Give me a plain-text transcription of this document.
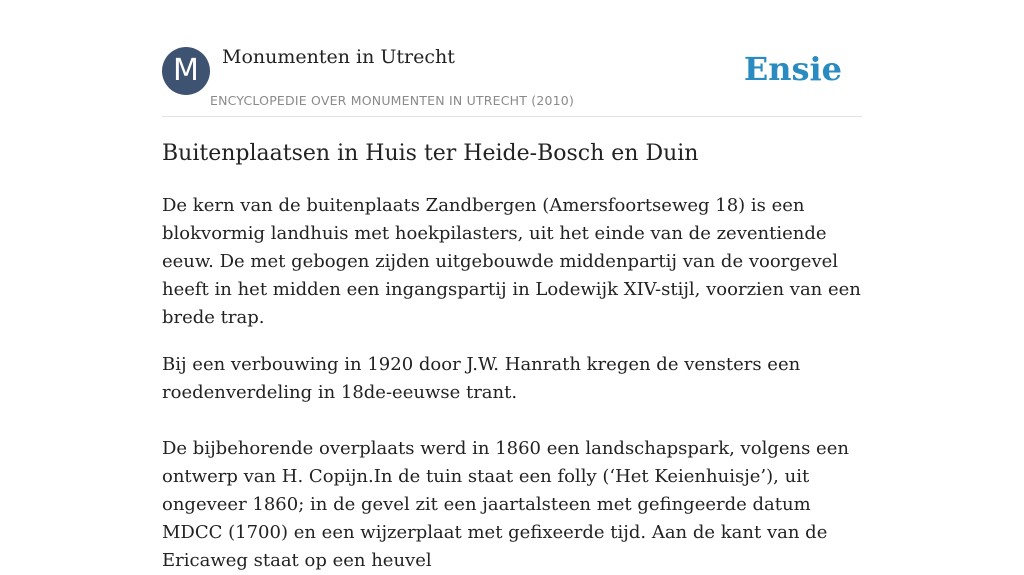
M	Monumenten in Utrecht
ENCYCLOPEDIE OVER MONUMENTEN IN UTRECHT (2010)
Ensie
Buitenplaatsen in Huis ter Heide-Bosch en Duin

De kern van de buitenplaats Zandbergen (Amersfoortseweg 18) is een blokvormig landhuis met hoekpilasters, uit het einde van de zeventiende eeuw. De met gebogen zijden uitgebouwde middenpartij van de voorgevel heeft in het midden een ingangspartij in Lodewijk XIV-stijl, voorzien van een brede trap.

Bij een verbouwing in 1920 door J.W. Hanrath kregen de vensters een roedenverdeling in 18de-eeuwse trant.

De bijbehorende overplaats werd in 1860 een landschapspark, volgens een ontwerp van H. Copijn.In de tuin staat een folly (‘Het Keienhuisje’), uit ongeveer 1860; in de gevel zit een jaartalsteen met gefingeerde datum MDCC (1700) en een wijzerplaat met gefixeerde tijd. Aan de kant van de Ericaweg staat op een heuvel
